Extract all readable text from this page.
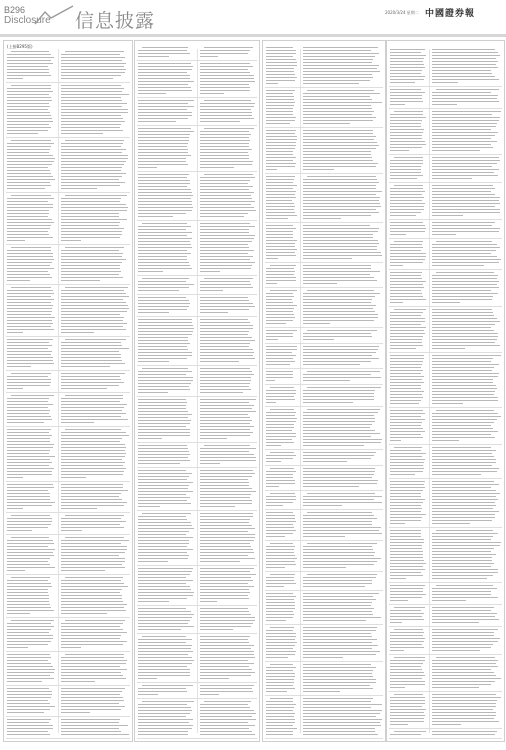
B296
Disclosure 信息披露	2020/3/24 星期二 中國證券報
(上接B295版)
